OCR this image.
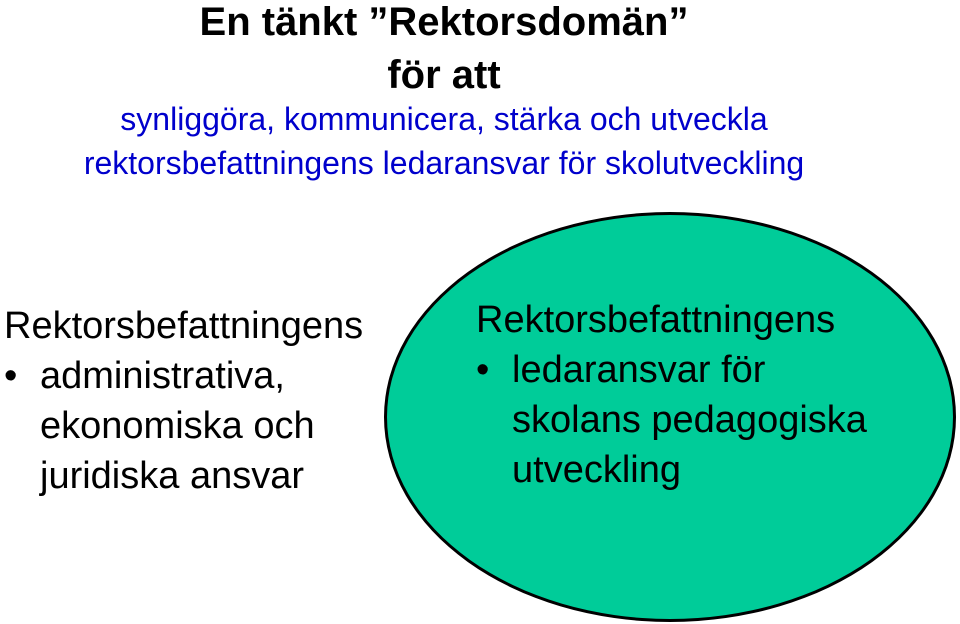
En tänkt ”Rektorsdomän”
för att
synliggöra, kommunicera, stärka och utveckla
rektorsbefattningens ledaransvar för skolutveckling
Rektorsbefattningens
• administrativa,
ekonomiska och
juridiska ansvar
Rektorsbefattningens
• ledaransvar för
skolans pedagogiska
utveckling
